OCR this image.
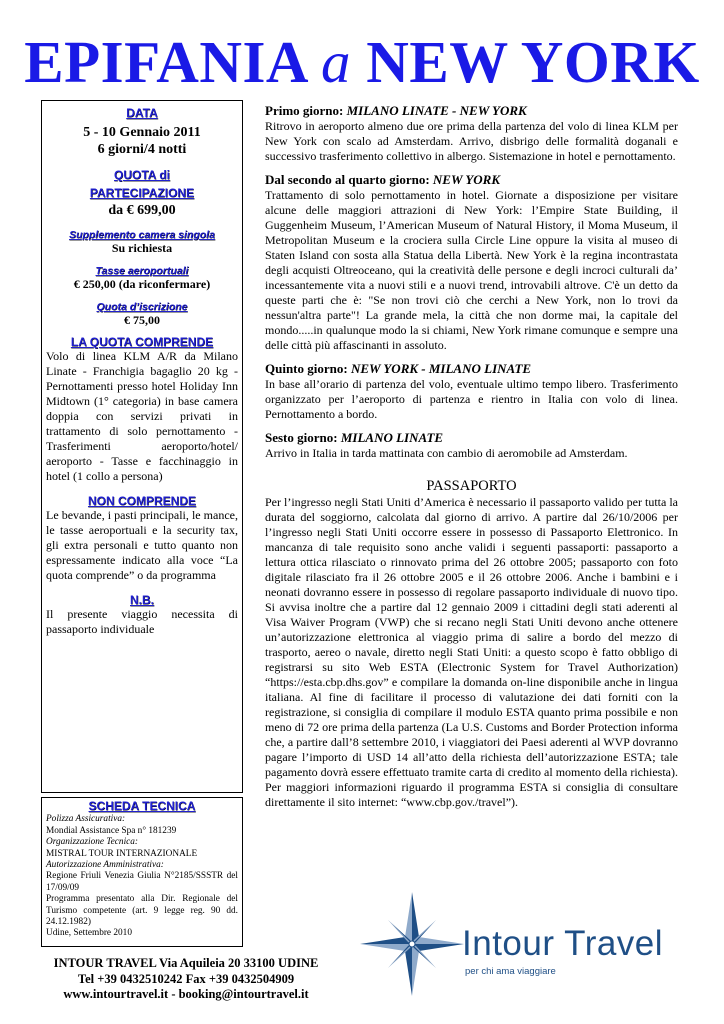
EPIFANIA a NEW YORK

DATA

5 - 10 Gennaio 2011

6 giorni/4 notti

QUOTA di PARTECIPAZIONE

da € 699,00

Supplemento camera singola

Su richiesta

Tasse aeroportuali

€ 250,00 (da riconfermare)

Quota d’iscrizione

€ 75,00

LA QUOTA COMPRENDE

Volo di linea KLM A/R da Milano Linate - Franchigia bagaglio 20 kg - Pernottamenti presso hotel Holiday Inn Midtown (1° categoria) in base camera doppia con servizi privati in trattamento di solo pernottamento - Trasferimenti aeroporto/hotel/ aeroporto - Tasse e facchinaggio in hotel (1 collo a persona)

NON COMPRENDE

Le bevande, i pasti principali, le mance, le tasse aeroportuali e la security tax, gli extra personali e tutto quanto non espressamente indicato alla voce “La quota comprende” o da programma

N.B.

Il presente viaggio necessita di passaporto individuale

SCHEDA TECNICA

Polizza Assicurativa:
Mondial Assistance Spa n° 181239
Organizzazione Tecnica:
MISTRAL TOUR INTERNAZIONALE
Autorizzazione Amministrativa:
Regione Friuli Venezia Giulia N°2185/SSSTR del 17/09/09
Programma presentato alla Dir. Regionale del Turismo competente (art. 9 legge reg. 90 dd. 24.12.1982)
Udine, Settembre 2010
INTOUR TRAVEL Via Aquileia 20 33100 UDINE
Tel +39 0432510242 Fax +39 0432504909
www.intourtravel.it - booking@intourtravel.it

Primo giorno: MILANO LINATE - NEW YORK

Ritrovo in aeroporto almeno due ore prima della partenza del volo di linea KLM per New York con scalo ad Amsterdam. Arrivo, disbrigo delle formalità doganali e successivo trasferimento collettivo in albergo. Sistemazione in hotel e pernottamento.

Dal secondo al quarto giorno: NEW YORK

Trattamento di solo pernottamento in hotel. Giornate a disposizione per visitare alcune delle maggiori attrazioni di New York: l’Empire State Building, il Guggenheim Museum, l’American Museum of Natural History, il Moma Museum, il Metropolitan Museum e la crociera sulla Circle Line oppure la visita al museo di Staten Island con sosta alla Statua della Libertà. New York è la regina incontrastata degli acquisti Oltreoceano, qui la creatività delle persone e degli incroci culturali da’ incessantemente vita a nuovi stili e a nuovi trend, introvabili altrove. C'è un detto da queste parti che è: "Se non trovi ciò che cerchi a New York, non lo trovi da nessun'altra parte"! La grande mela, la città che non dorme mai, la capitale del mondo.....in qualunque modo la si chiami, New York rimane comunque e sempre una delle città più affascinanti in assoluto.

Quinto giorno: NEW YORK - MILANO LINATE

In base all’orario di partenza del volo, eventuale ultimo tempo libero. Trasferimento organizzato per l’aeroporto di partenza e rientro in Italia con volo di linea. Pernottamento a bordo.

Sesto giorno: MILANO LINATE

Arrivo in Italia in tarda mattinata con cambio di aeromobile ad Amsterdam.

PASSAPORTO

Per l’ingresso negli Stati Uniti d’America è necessario il passaporto valido per tutta la durata del soggiorno, calcolata dal giorno di arrivo. A partire dal 26/10/2006 per l’ingresso negli Stati Uniti occorre essere in possesso di Passaporto Elettronico. In mancanza di tale requisito sono anche validi i seguenti passaporti: passaporto a lettura ottica rilasciato o rinnovato prima del 26 ottobre 2005; passaporto con foto digitale rilasciato fra il 26 ottobre 2005 e il 26 ottobre 2006. Anche i bambini e i neonati dovranno essere in possesso di regolare passaporto individuale di nuovo tipo. Si avvisa inoltre che a partire dal 12 gennaio 2009 i cittadini degli stati aderenti al Visa Waiver Program (VWP) che si recano negli Stati Uniti devono anche ottenere un’autorizzazione elettronica al viaggio prima di salire a bordo del mezzo di trasporto, aereo o navale, diretto negli Stati Uniti: a questo scopo è fatto obbligo di registrarsi su sito Web ESTA (Electronic System for Travel Authorization) “https://esta.cbp.dhs.gov” e compilare la domanda on-line disponibile anche in lingua italiana. Al fine di facilitare il processo di valutazione dei dati forniti con la registrazione, si consiglia di compilare il modulo ESTA quanto prima possibile e non meno di 72 ore prima della partenza (La U.S. Customs and Border Protection informa che, a partire dall’8 settembre 2010, i viaggiatori dei Paesi aderenti al WVP dovranno pagare l’importo di USD 14 all’atto della richiesta dell’autorizzazione ESTA; tale pagamento dovrà essere effettuato tramite carta di credito al momento della richiesta). Per maggiori informazioni riguardo il programma ESTA si consiglia di consultare direttamente il sito internet: “www.cbp.gov./travel”).

Intour Travel
per chi ama viaggiare
